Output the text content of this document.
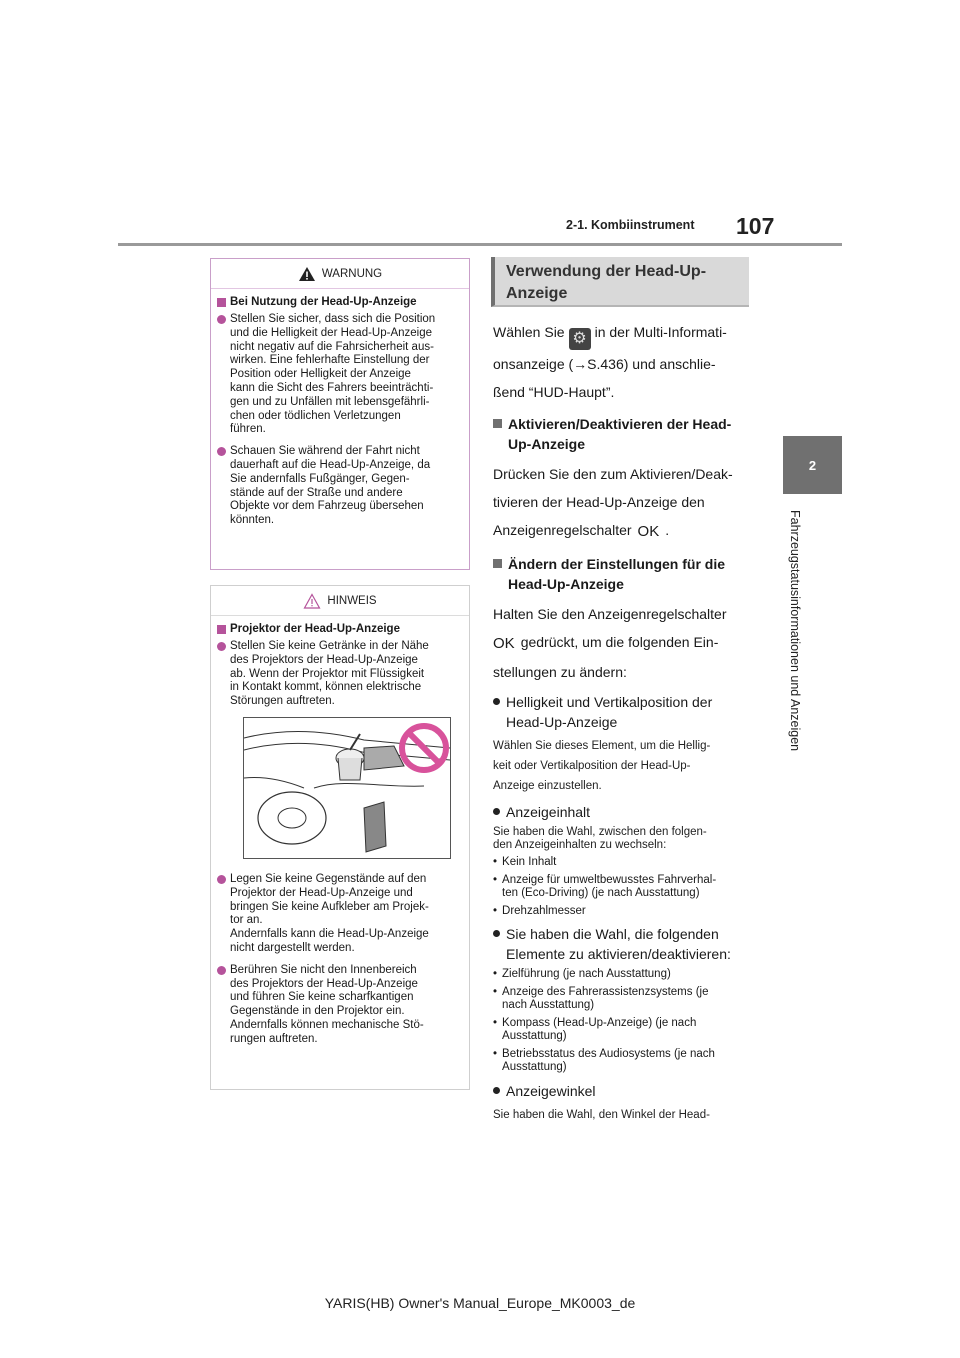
2-1. Kombiinstrument 107
2
Fahrzeugstatusinformationen und Anzeigen
WARNUNG
Bei Nutzung der Head-Up-Anzeige
Stellen Sie sicher, dass sich die Position
und die Helligkeit der Head-Up-Anzeige
nicht negativ auf die Fahrsicherheit aus-
wirken. Eine fehlerhafte Einstellung der
Position oder Helligkeit der Anzeige
kann die Sicht des Fahrers beeinträchti-
gen und zu Unfällen mit lebensgefährli-
chen oder tödlichen Verletzungen
führen.
Schauen Sie während der Fahrt nicht
dauerhaft auf die Head-Up-Anzeige, da
Sie andernfalls Fußgänger, Gegen-
stände auf der Straße und andere
Objekte vor dem Fahrzeug übersehen
könnten.
HINWEIS
Projektor der Head-Up-Anzeige
Stellen Sie keine Getränke in der Nähe
des Projektors der Head-Up-Anzeige
ab. Wenn der Projektor mit Flüssigkeit
in Kontakt kommt, können elektrische
Störungen auftreten.
Legen Sie keine Gegenstände auf den
Projektor der Head-Up-Anzeige und
bringen Sie keine Aufkleber am Projek-
tor an.
Andernfalls kann die Head-Up-Anzeige
nicht dargestellt werden.
Berühren Sie nicht den Innenbereich
des Projektors der Head-Up-Anzeige
und führen Sie keine scharfkantigen
Gegenstände in den Projektor ein.
Andernfalls können mechanische Stö-
rungen auftreten.
Verwendung der Head-Up-Anzeige
Wählen Sie ⚙ in der Multi-Informati-
onsanzeige (→S.436) und anschlie-
ßend “HUD-Haupt”.
Aktivieren/Deaktivieren der Head-Up-Anzeige
Drücken Sie den zum Aktivieren/Deak-
tivieren der Head-Up-Anzeige den
Anzeigenregelschalter OK .
Ändern der Einstellungen für die Head-Up-Anzeige
Halten Sie den Anzeigenregelschalter
OK gedrückt, um die folgenden Ein-
stellungen zu ändern:
Helligkeit und Vertikalposition der Head-Up-Anzeige
Wählen Sie dieses Element, um die Hellig-
keit oder Vertikalposition der Head-Up-
Anzeige einzustellen.
Anzeigeinhalt
Sie haben die Wahl, zwischen den folgen-
den Anzeigeinhalten zu wechseln:
• Kein Inhalt
• Anzeige für umweltbewusstes Fahrverhal-
ten (Eco-Driving) (je nach Ausstattung)
• Drehzahlmesser
Sie haben die Wahl, die folgenden Elemente zu aktivieren/deaktivieren:
• Zielführung (je nach Ausstattung)
• Anzeige des Fahrerassistenzsystems (je
nach Ausstattung)
• Kompass (Head-Up-Anzeige) (je nach
Ausstattung)
• Betriebsstatus des Audiosystems (je nach
Ausstattung)
Anzeigewinkel
Sie haben die Wahl, den Winkel der Head-
YARIS(HB) Owner's Manual_Europe_MK0003_de
